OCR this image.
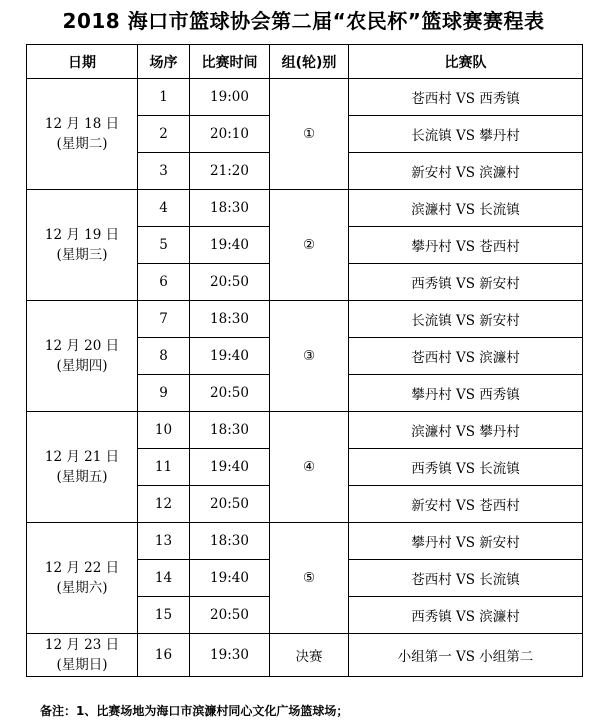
2018 海口市篮球协会第二届“农民杯”篮球赛赛程表
日期	场序	比赛时间	组(轮)别	比赛队

12 月 18 日
(星期二)	1	19:00	①	苍西村 VS 西秀镇
	2	20:10		长流镇 VS 攀丹村
	3	21:20		新安村 VS 滨濂村

12 月 19 日
(星期三)	4	18:30	②	滨濂村 VS 长流镇
	5	19:40		攀丹村 VS 苍西村
	6	20:50		西秀镇 VS 新安村

12 月 20 日
(星期四)	7	18:30	③	长流镇 VS 新安村
	8	19:40		苍西村 VS 滨濂村
	9	20:50		攀丹村 VS 西秀镇

12 月 21 日
(星期五)	10	18:30	④	滨濂村 VS 攀丹村
	11	19:40		西秀镇 VS 长流镇
	12	20:50		新安村 VS 苍西村

12 月 22 日
(星期六)	13	18:30	⑤	攀丹村 VS 新安村
	14	19:40		苍西村 VS 长流镇
	15	20:50		西秀镇 VS 滨濂村

12 月 23 日
(星期日)	16	19:30	决赛	小组第一 VS 小组第二
备注：1、比赛场地为海口市滨濂村同心文化广场篮球场；
